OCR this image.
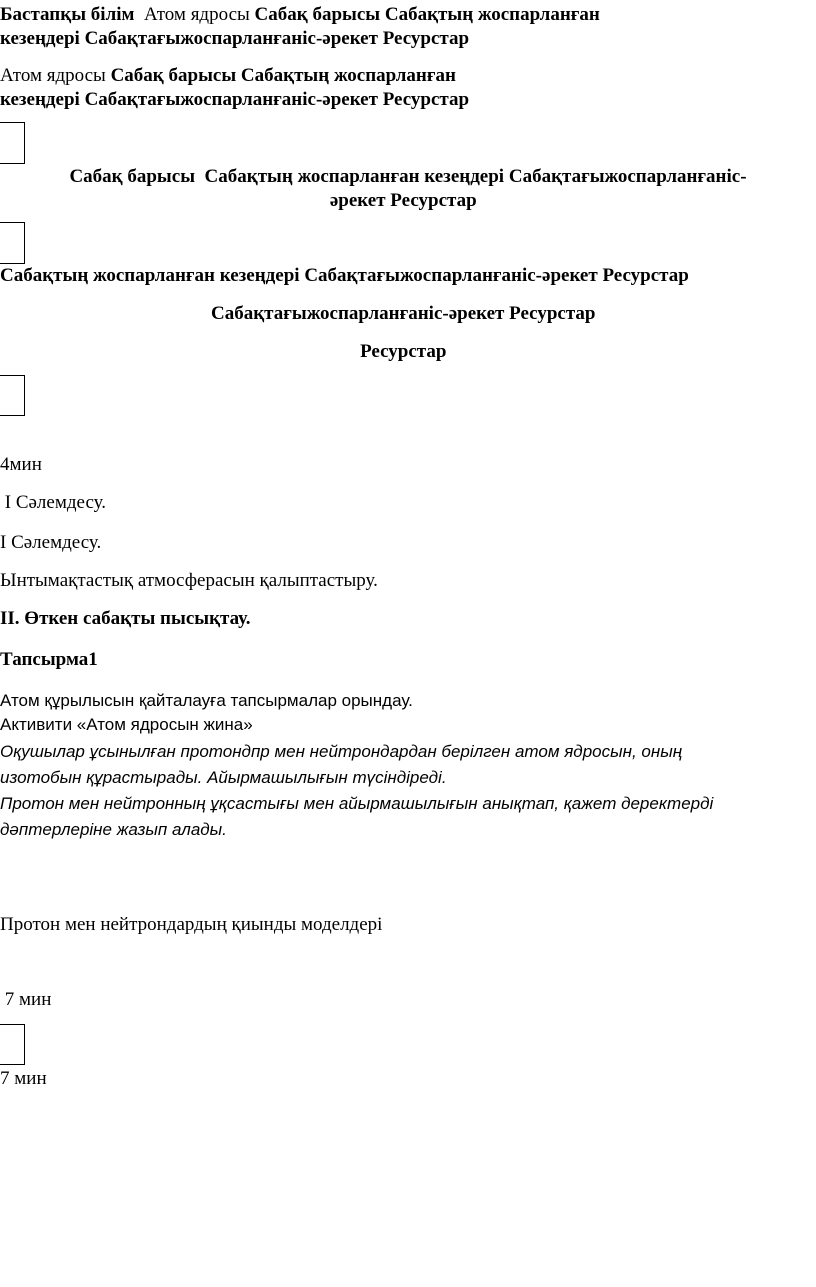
Бастапқы білім Атом ядросы Сабақ барысы Сабақтың жоспарланған

кезеңдері Сабақтағыжоспарланғаніс-әрекет Ресурстар

Атом ядросы Сабақ барысы Сабақтың жоспарланған

кезеңдері Сабақтағыжоспарланғаніс-әрекет Ресурстар

Сабақ барысы Сабақтың жоспарланған кезеңдері Сабақтағыжоспарланғаніс-

әрекет Ресурстар

Сабақтың жоспарланған кезеңдері Сабақтағыжоспарланғаніс-әрекет Ресурстар

Сабақтағыжоспарланғаніс-әрекет Ресурстар

Ресурстар

4мин

І Сәлемдесу.

І Сәлемдесу.

Ынтымақтастық атмосферасын қалыптастыру.

ІІ. Өткен сабақты пысықтау.

Тапсырма1

Атом құрылысын қайталауға тапсырмалар орындау.

Активити «Атом ядросын жина»

Оқушылар ұсынылған протондпр мен нейтрондардан берілген атом ядросын, оның

изотобын құрастырады. Айырмашылығын түсіндіреді.

Протон мен нейтронның ұқсастығы мен айырмашылығын анықтап, қажет деректерді

дәптерлеріне жазып алады.

Протон мен нейтрондардың қиынды моделдері

7 мин

7 мин
